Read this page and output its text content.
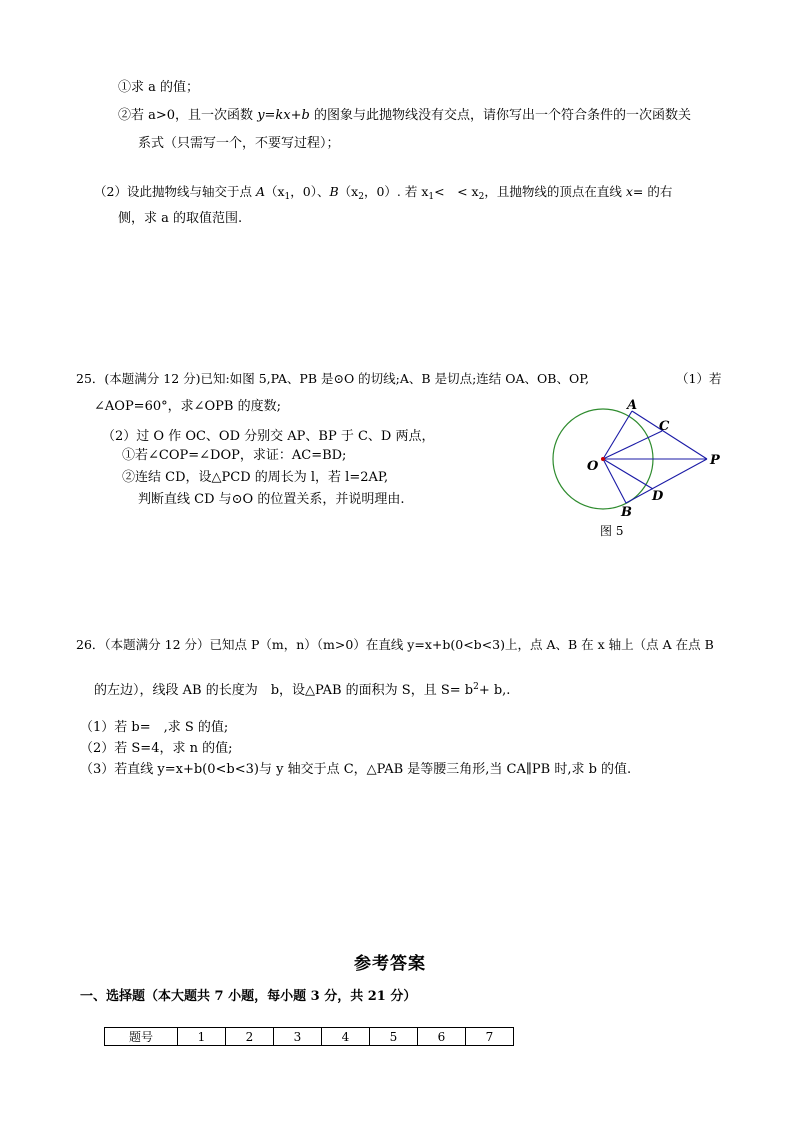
①求 a 的值；
②若 a>0，且一次函数 y=kx+b 的图象与此抛物线没有交点，请你写出一个符合条件的一次函数关
系式（只需写一个，不要写过程）；
（2）设此抛物线与轴交于点 $A(x_1$，0）、$B(x_2$，0）. 若 $x_1<$　< $x_2$，且抛物线的顶点在直线 x= 的右
侧，求 a 的取值范围.
25．(本题满分 12 分)已知:如图 5,PA、PB 是⊙O 的切线;A、B 是切点;连结 OA、OB、OP,	（1）若
∠AOP=60°，求∠OPB 的度数;
（2）过 O 作 OC、OD 分别交 AP、BP 于 C、D 两点，
①若∠COP=∠DOP，求证：AC=BD;
②连结 CD，设△PCD 的周长为 l，若 l=2AP,
判断直线 CD 与⊙O 的位置关系，并说明理由.
O
A
C
P
D
B
图 5
26．（本题满分 12 分）已知点 P（m，n）（m>0）在直线 y=x+b(0<b<3)上，点 A、B 在 x 轴上（点 A 在点 B
的左边），线段 AB 的长度为　b，设△PAB 的面积为 S，且 $S= b^2+ b$,.
（1）若 b=　,求 S 的值;
（2）若 S=4，求 n 的值;
（3）若直线 y=x+b(0<b<3)与 y 轴交于点 C，△PAB 是等腰三角形,当 CA∥PB 时,求 b 的值.
参考答案
一、选择题（本大题共 7 小题，每小题 3 分，共 21 分）
题号	1	2	3	4	5	6	7
